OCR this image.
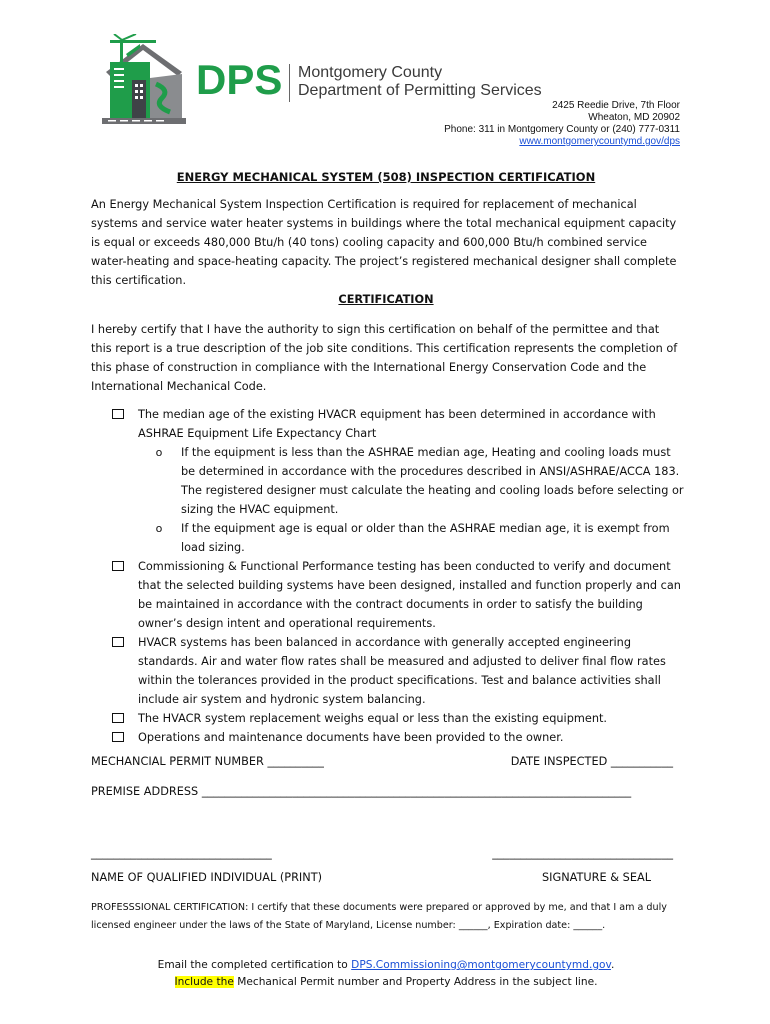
DPS Montgomery County
Department of Permitting Services
2425 Reedie Drive, 7th Floor
Wheaton, MD 20902
Phone: 311 in Montgomery County or (240) 777-0311
www.montgomerycountymd.gov/dps
ENERGY MECHANICAL SYSTEM (508) INSPECTION CERTIFICATION
An Energy Mechanical System Inspection Certification is required for replacement of mechanical systems and service water heater systems in buildings where the total mechanical equipment capacity is equal or exceeds 480,000 Btu/h (40 tons) cooling capacity and 600,000 Btu/h combined service water-heating and space-heating capacity. The project’s registered mechanical designer shall complete this certification.
CERTIFICATION
I hereby certify that I have the authority to sign this certification on behalf of the permittee and that this report is a true description of the job site conditions. This certification represents the completion of this phase of construction in compliance with the International Energy Conservation Code and the International Mechanical Code.
The median age of the existing HVACR equipment has been determined in accordance with ASHRAE Equipment Life Expectancy Chart
o If the equipment is less than the ASHRAE median age, Heating and cooling loads must be determined in accordance with the procedures described in ANSI/ASHRAE/ACCA 183. The registered designer must calculate the heating and cooling loads before selecting or sizing the HVAC equipment.
o If the equipment age is equal or older than the ASHRAE median age, it is exempt from load sizing.
Commissioning & Functional Performance testing has been conducted to verify and document that the selected building systems have been designed, installed and function properly and can be maintained in accordance with the contract documents in order to satisfy the building owner’s design intent and operational requirements.
HVACR systems has been balanced in accordance with generally accepted engineering standards. Air and water flow rates shall be measured and adjusted to deliver final flow rates within the tolerances provided in the product specifications. Test and balance activities shall include air system and hydronic system balancing.
The HVACR system replacement weighs equal or less than the existing equipment.
Operations and maintenance documents have been provided to the owner.
MECHANCIAL PERMIT NUMBER __________	DATE INSPECTED ___________
PREMISE ADDRESS ____________________________________________________________________________
________________________________	________________________________
NAME OF QUALIFIED INDIVIDUAL (PRINT)	SIGNATURE & SEAL
PROFESSSIONAL CERTIFICATION: I certify that these documents were prepared or approved by me, and that I am a duly licensed engineer under the laws of the State of Maryland, License number: ______, Expiration date: ______.
Email the completed certification to DPS.Commissioning@montgomerycountymd.gov.
Include the Mechanical Permit number and Property Address in the subject line.
